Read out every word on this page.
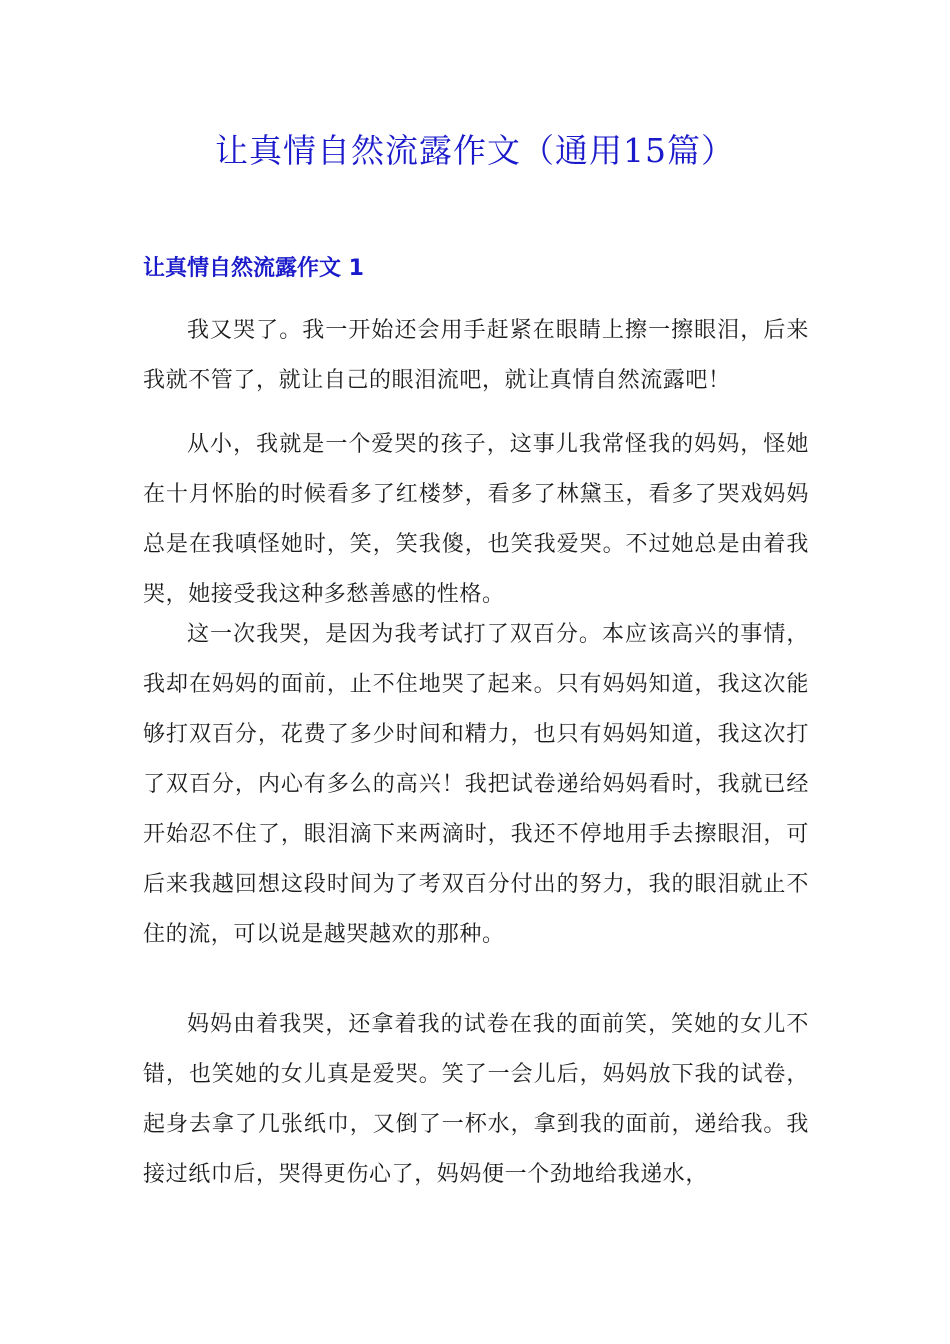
让真情自然流露作文（通用15篇）
让真情自然流露作文 1

我又哭了。我一开始还会用手赶紧在眼睛上擦一擦眼泪，后来我就不管了，就让自己的眼泪流吧，就让真情自然流露吧！

从小，我就是一个爱哭的孩子，这事儿我常怪我的妈妈，怪她在十月怀胎的时候看多了红楼梦，看多了林黛玉，看多了哭戏妈妈总是在我嗔怪她时，笑，笑我傻，也笑我爱哭。不过她总是由着我哭，她接受我这种多愁善感的性格。

这一次我哭，是因为我考试打了双百分。本应该高兴的事情，我却在妈妈的面前，止不住地哭了起来。只有妈妈知道，我这次能够打双百分，花费了多少时间和精力，也只有妈妈知道，我这次打了双百分，内心有多么的高兴！我把试卷递给妈妈看时，我就已经开始忍不住了，眼泪滴下来两滴时，我还不停地用手去擦眼泪，可后来我越回想这段时间为了考双百分付出的努力，我的眼泪就止不住的流，可以说是越哭越欢的那种。

妈妈由着我哭，还拿着我的试卷在我的面前笑，笑她的女儿不错，也笑她的女儿真是爱哭。笑了一会儿后，妈妈放下我的试卷，起身去拿了几张纸巾，又倒了一杯水，拿到我的面前，递给我。我接过纸巾后，哭得更伤心了，妈妈便一个劲地给我递水，
